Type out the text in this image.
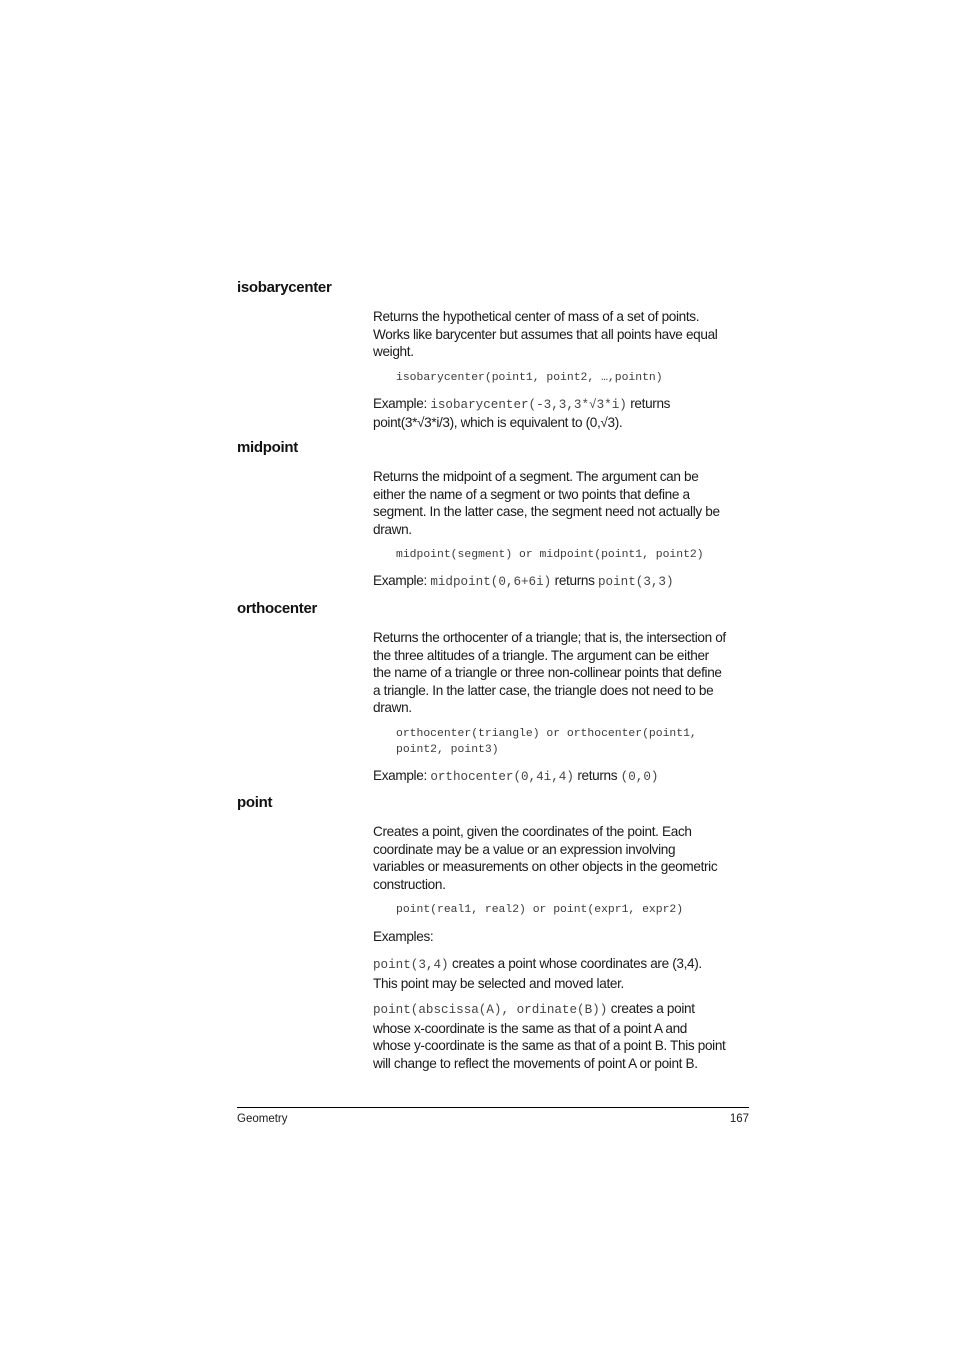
isobarycenter

Returns the hypothetical center of mass of a set of points.

Works like barycenter but assumes that all points have equal

weight.

isobarycenter(point1, point2, …,pointn)

Example: isobarycenter(-3,3,3*√3*i) returns

point(3*√3*i/3), which is equivalent to (0,√3).

midpoint

Returns the midpoint of a segment. The argument can be

either the name of a segment or two points that define a

segment. In the latter case, the segment need not actually be

drawn.

midpoint(segment) or midpoint(point1, point2)

Example: midpoint(0,6+6i) returns point(3,3)

orthocenter

Returns the orthocenter of a triangle; that is, the intersection of

the three altitudes of a triangle. The argument can be either

the name of a triangle or three non-collinear points that define

a triangle. In the latter case, the triangle does not need to be

drawn.

orthocenter(triangle) or orthocenter(point1,

point2, point3)

Example: orthocenter(0,4i,4) returns (0,0)

point

Creates a point, given the coordinates of the point. Each

coordinate may be a value or an expression involving

variables or measurements on other objects in the geometric

construction.

point(real1, real2) or point(expr1, expr2)

Examples:

point(3,4) creates a point whose coordinates are (3,4).

This point may be selected and moved later.

point(abscissa(A), ordinate(B)) creates a point

whose x-coordinate is the same as that of a point A and

whose y-coordinate is the same as that of a point B. This point

will change to reflect the movements of point A or point B.

Geometry	167
